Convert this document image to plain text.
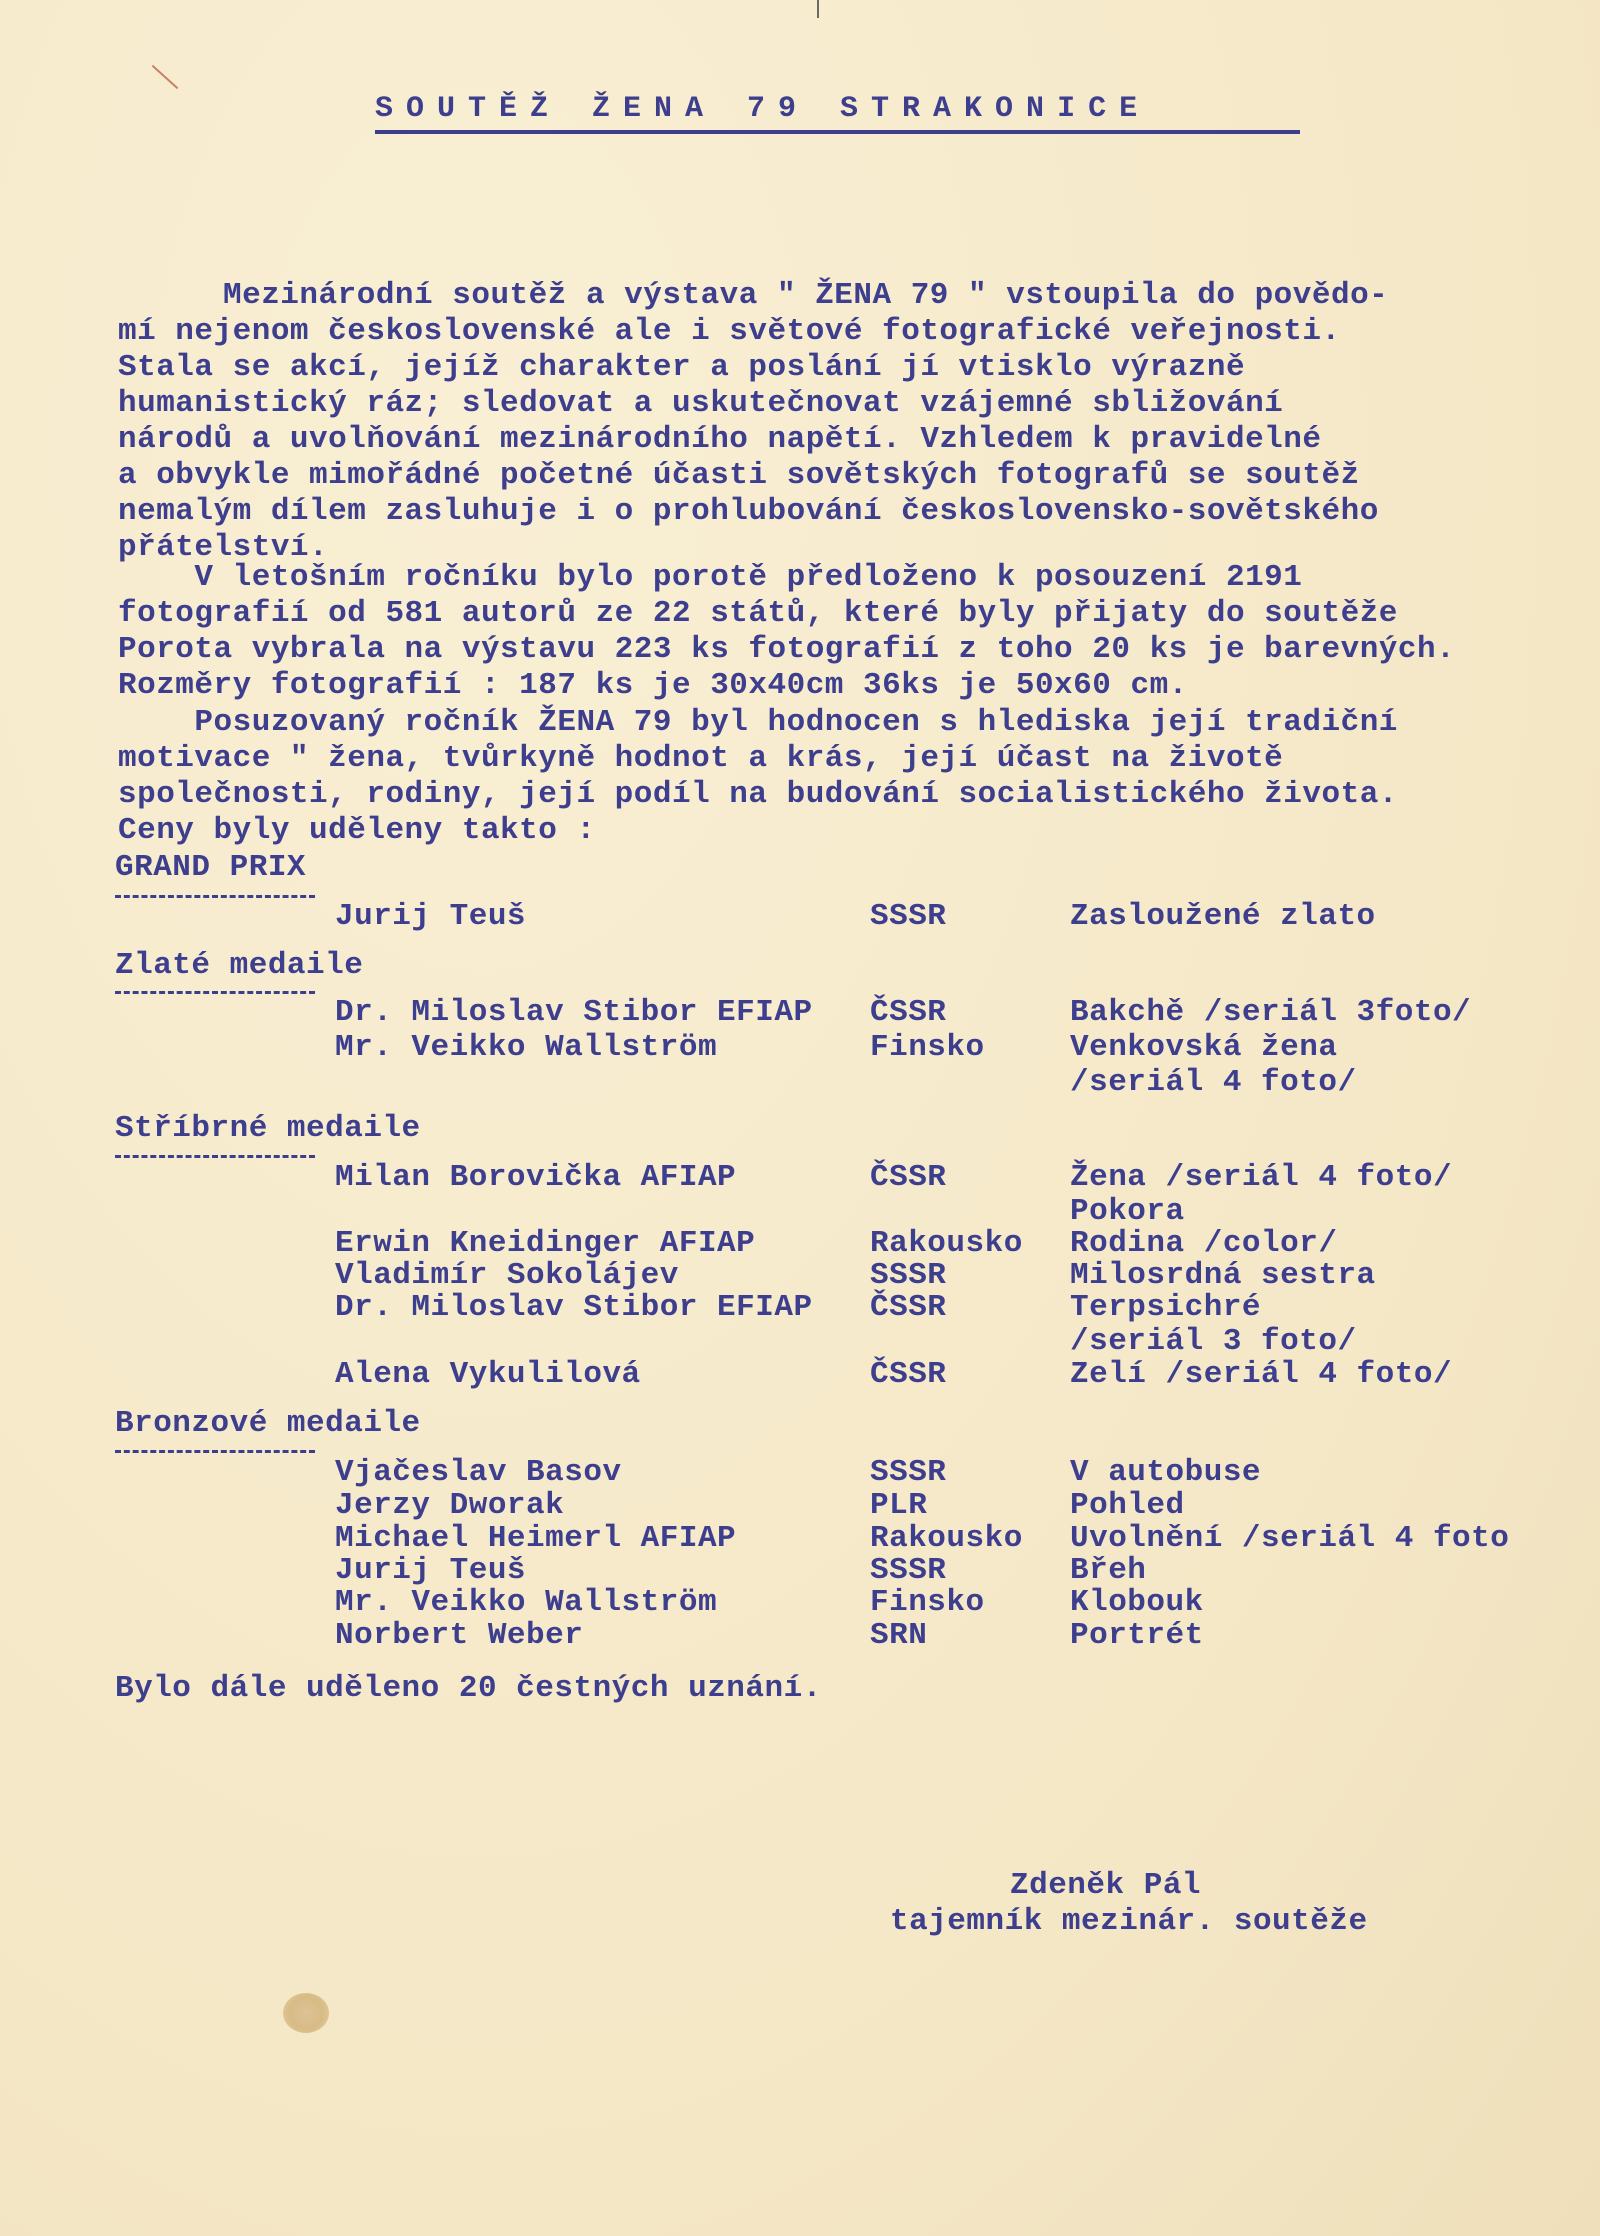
SOUTĚŽ ŽENA 79 STRAKONICE
Mezinárodní soutěž a výstava " ŽENA 79 " vstoupila do povědo-
mí nejenom československé ale i světové fotografické veřejnosti.
Stala se akcí, jejíž charakter a poslání jí vtisklo výrazně
humanistický ráz; sledovat a uskutečnovat vzájemné sbližování
národů a uvolňování mezinárodního napětí. Vzhledem k pravidelné
a obvykle mimořádné početné účasti sovětských fotografů se soutěž
nemalým dílem zasluhuje i o prohlubování československo-sovětského
přátelství.
V letošním ročníku bylo porotě předloženo k posouzení 2191
fotografií od 581 autorů ze 22 států, které byly přijaty do soutěže
Porota vybrala na výstavu 223 ks fotografií z toho 20 ks je barevných.
Rozměry fotografií : 187 ks je 30x40cm 36ks je 50x60 cm.
Posuzovaný ročník ŽENA 79 byl hodnocen s hlediska její tradiční
motivace " žena, tvůrkyně hodnot a krás, její účast na životě
společnosti, rodiny, její podíl na budování socialistického života.
Ceny byly uděleny takto :
GRAND PRIX
Jurij Teuš	SSSR	Zasloužené zlato
Zlaté medaile
Dr. Miloslav Stibor EFIAP ČSSR	Bakchě /seriál 3foto/
Mr. Veikko Wallström	Finsko	Venkovská žena
/seriál 4 foto/
Stříbrné medaile
Milan Borovička AFIAP	ČSSR	Žena /seriál 4 foto/
Pokora
Erwin Kneidinger AFIAP	Rakousko Rodina /color/
Vladimír Sokolájev	SSSR	Milosrdná sestra
Dr. Miloslav Stibor EFIAP ČSSR	Terpsichré
/seriál 3 foto/
Alena Vykulilová	ČSSR	Zelí /seriál 4 foto/
Bronzové medaile
Vjačeslav Basov	SSSR	V autobuse
Jerzy Dworak	PLR	Pohled
Michael Heimerl AFIAP	Rakousko Uvolnění /seriál 4 foto
Jurij Teuš	SSSR	Břeh
Mr. Veikko Wallström	Finsko	Klobouk
Norbert Weber	SRN	Portrét
Bylo dále uděleno 20 čestných uznání.
Zdeněk Pál
tajemník mezinár. soutěže
